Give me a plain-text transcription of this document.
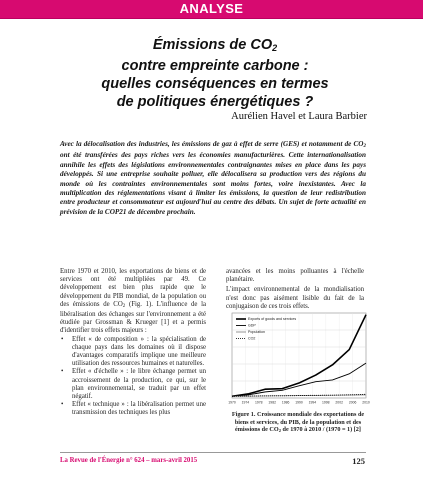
ANALYSE
Émissions de $CO_2$
contre empreinte carbone :
quelles conséquences en termes
de politiques énergétiques ?
Aurélien Havel et Laura Barbier

Avec la délocalisation des industries, les émissions de gaz à effet de serre (GES) et notamment de $CO_2$ ont été transférées des pays riches vers les économies manufacturières. Cette internationalisation annihile les effets des législations environnementales contraignantes mises en place dans les pays développés. Si une entreprise souhaite polluer, elle délocalisera sa production vers des régions du monde où les contraintes environnementales sont moins fortes, voire inexistantes. Avec la multiplication des réglementations visant à limiter les émissions, la question de leur redistribution entre producteur et consommateur est aujourd'hui au centre des débats. Un sujet de forte actualité en prévision de la COP21 de décembre prochain.

Entre 1970 et 2010, les exportations de biens et de services ont été multipliées par 49. Ce développement est bien plus rapide que le développement du PIB mondial, de la population ou des émissions de $CO_2$ (Fig. 1). L'influence de la libéralisation des échanges sur l'environnement a été étudiée par Grossman & Krueger [1] et a permis d'identifier trois effets majeurs :

• Effet « de composition » : la spécialisation de chaque pays dans les domaines où il dispose d'avantages comparatifs implique une meilleure utilisation des ressources humaines et naturelles.

• Effet « d'échelle » : le libre échange permet un accroissement de la production, ce qui, sur le plan environnemental, se traduit par un effet négatif.

• Effet « technique » : la libéralisation permet une transmission des techniques les plus

avancées et les moins polluantes à l'échelle planétaire.

L'impact environnemental de la mondialisation n'est donc pas aisément lisible du fait de la conjugaison de ces trois effets.

1970 1974 1978 1982 1986 1990 1994 1998 2002 2006 2010
Exports of goods and services
GDP
Population
CO2
Figure 1. Croissance mondiale des exportations de biens et services, du PIB, de la population et des émissions de $CO_2$ de 1970 à 2010 / (1970 = 1) [2]
La Revue de l'Énergie n° 624 – mars-avril 2015	125
